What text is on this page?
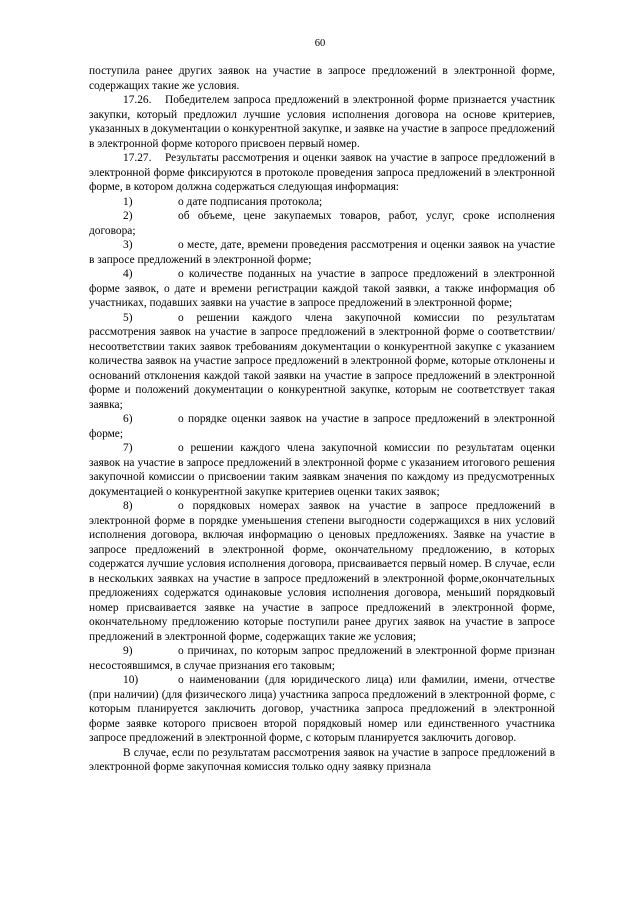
60

поступила ранее других заявок на участие в запросе предложений в электронной форме, содержащих такие же условия.

17.26. Победителем запроса предложений в электронной форме признается участник закупки, который предложил лучшие условия исполнения договора на основе критериев, указанных в документации о конкурентной закупке, и заявке на участие в запросе предложений в электронной форме которого присвоен первый номер.

17.27. Результаты рассмотрения и оценки заявок на участие в запросе предложений в электронной форме фиксируются в протоколе проведения запроса предложений в электронной форме, в котором должна содержаться следующая информация:

1)	о дате подписания протокола;

2)	об объеме, цене закупаемых товаров, работ, услуг, сроке исполнения договора;

3)	о месте, дате, времени проведения рассмотрения и оценки заявок на участие в запросе предложений в электронной форме;

4)	о количестве поданных на участие в запросе предложений в электронной форме заявок, о дате и времени регистрации каждой такой заявки, а также информация об участниках, подавших заявки на участие в запросе предложений в электронной форме;

5)	о решении каждого члена закупочной комиссии по результатам рассмотрения заявок на участие в запросе предложений в электронной форме о соответствии/несоответствии таких заявок требованиям документации о конкурентной закупке с указанием количества заявок на участие запросе предложений в электронной форме, которые отклонены и оснований отклонения каждой такой заявки на участие в запросе предложений в электронной форме и положений документации о конкурентной закупке, которым не соответствует такая заявка;

6)	о порядке оценки заявок на участие в запросе предложений в электронной форме;

7)	о решении каждого члена закупочной комиссии по результатам оценки заявок на участие в запросе предложений в электронной форме с указанием итогового решения закупочной комиссии о присвоении таким заявкам значения по каждому из предусмотренных документацией о конкурентной закупке критериев оценки таких заявок;

8)	о порядковых номерах заявок на участие в запросе предложений в электронной форме в порядке уменьшения степени выгодности содержащихся в них условий исполнения договора, включая информацию о ценовых предложениях. Заявке на участие в запросе предложений в электронной форме, окончательному предложению, в которых содержатся лучшие условия исполнения договора, присваивается первый номер. В случае, если в нескольких заявках на участие в запросе предложений в электронной форме,окончательных предложениях содержатся одинаковые условия исполнения договора, меньший порядковый номер присваивается заявке на участие в запросе предложений в электронной форме, окончательному предложению которые поступили ранее других заявок на участие в запросе предложений в электронной форме, содержащих такие же условия;

9)	о причинах, по которым запрос предложений в электронной форме признан несостоявшимся, в случае признания его таковым;

10)	о наименовании (для юридического лица) или фамилии, имени, отчестве (при наличии) (для физического лица) участника запроса предложений в электронной форме, с которым планируется заключить договор, участника запроса предложений в электронной форме заявке которого присвоен второй порядковый номер или единственного участника запросе предложений в электронной форме, с которым планируется заключить договор.

В случае, если по результатам рассмотрения заявок на участие в запросе предложений в электронной форме закупочная комиссия только одну заявку признала
